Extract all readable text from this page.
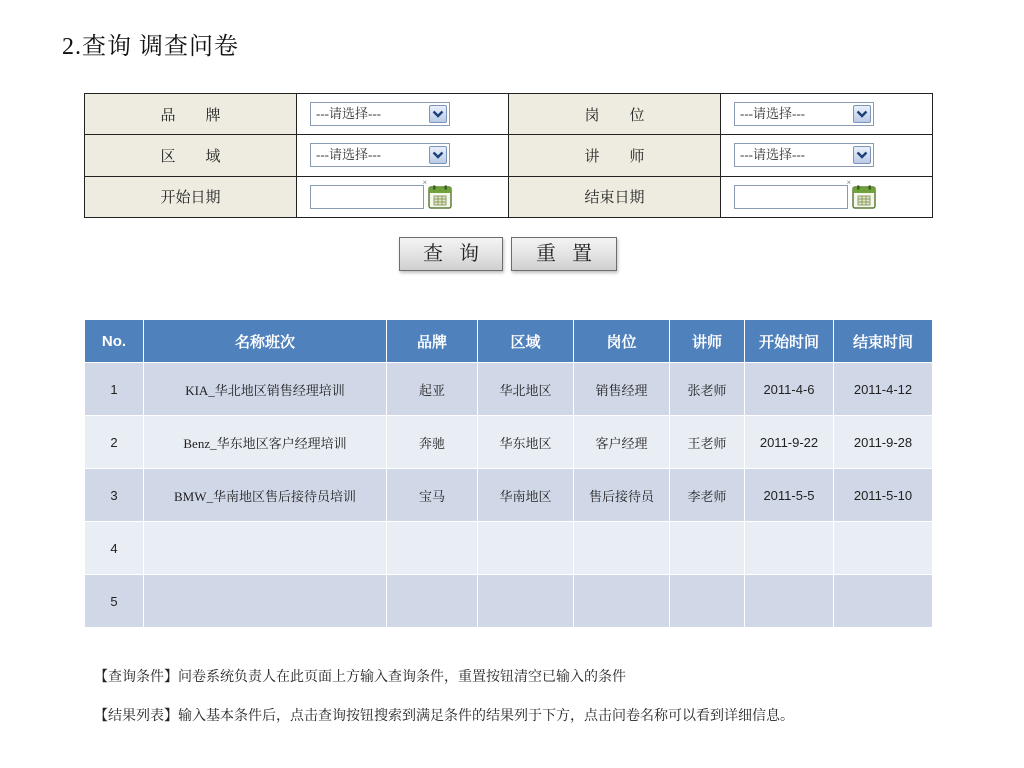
2.查询 调查问卷
品　　牌	---请选择---	岗　　位	---请选择---

区　　域	---请选择---	讲　　师	---请选择---

开始日期	×	结束日期	×
查询	重置
No.	名称班次	品牌	区域	岗位	讲师	开始时间	结束时间
1	KIA_华北地区销售经理培训	起亚	华北地区	销售经理	张老师	2011-4-6	2011-4-12
2	Benz_华东地区客户经理培训	奔驰	华东地区	客户经理	王老师	2011-9-22	2011-9-28
3	BMW_华南地区售后接待员培训	宝马	华南地区	售后接待员	李老师	2011-5-5	2011-5-10
4							
5							

【查询条件】问卷系统负责人在此页面上方输入查询条件，重置按钮清空已输入的条件

【结果列表】输入基本条件后，点击查询按钮搜索到满足条件的结果列于下方，点击问卷名称可以看到详细信息。
